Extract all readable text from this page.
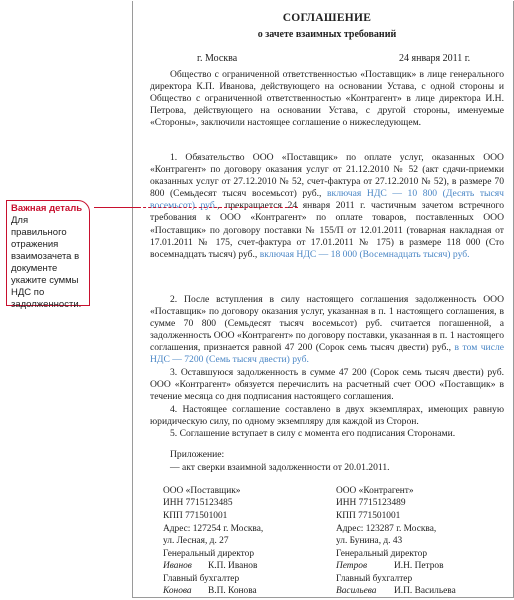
СОГЛАШЕНИЕ
о зачете взаимных требований
г. Москва	24 января 2011 г.

Общество с ограниченной ответственностью «Поставщик» в лице генерального директора К.П. Иванова, действующего на основании Устава, с одной стороны и Общество с ограниченной ответственностью «Контрагент» в лице директора И.Н. Петрова, действующего на основании Устава, с другой стороны, именуемые «Стороны», заключили настоящее соглашение о нижеследующем.

1. Обязательство ООО «Поставщик» по оплате услуг, оказанных ООО «Контрагент» по договору оказания услуг от 21.12.2010 № 52 (акт сдачи-приемки оказанных услуг от 27.12.2010 № 52, счет-фактура от 27.12.2010 № 52), в размере 70 800 (Семьдесят тысяч восемьсот) руб., включая НДС — 10 800 (Десять тысяч восемьсот) руб., прекращается 24 января 2011 г. частичным зачетом встречного требования к ООО «Контрагент» по оплате товаров, поставленных ООО «Поставщик» по договору поставки № 155/П от 12.01.2011 (товарная накладная от 17.01.2011 № 175, счет-фактура от 17.01.2011 № 175) в размере 118 000 (Сто восемнадцать тысяч) руб., включая НДС — 18 000 (Восемнадцать тысяч) руб.

2. После вступления в силу настоящего соглашения задолженность ООО «Поставщик» по договору оказания услуг, указанная в п. 1 настоящего соглашения, в сумме 70 800 (Семьдесят тысяч восемьсот) руб. считается погашенной, а задолженность ООО «Контрагент» по договору поставки, указанная в п. 1 настоящего соглашения, признается равной 47 200 (Сорок семь тысяч двести) руб., в том числе НДС — 7200 (Семь тысяч двести) руб.

3. Оставшуюся задолженность в сумме 47 200 (Сорок семь тысяч двести) руб. ООО «Контрагент» обязуется перечислить на расчетный счет ООО «Поставщик» в течение месяца со дня подписания настоящего соглашения.

4. Настоящее соглашение составлено в двух экземплярах, имеющих равную юридическую силу, по одному экземпляру для каждой из Сторон.

5. Соглашение вступает в силу с момента его подписания Сторонами.

Приложение:
— акт сверки взаимной задолженности от 20.01.2011.
ООО «Поставщик»
ИНН 7715123485
КПП 771501001
Адрес: 127254 г. Москва,
ул. Лесная, д. 27
Генеральный директор
Иванов К.П. Иванов
Главный бухгалтер
Конова В.П. Конова
ООО «Контрагент»
ИНН 7715123489
КПП 771501001
Адрес: 123287 г. Москва,
ул. Бунина, д. 43
Генеральный директор
Петров	И.Н. Петров
Главный бухгалтер
Васильева И.П. Васильева
Важная деталь
Для правильного отражения взаимозачета в документе укажите суммы НДС по задолженности.
